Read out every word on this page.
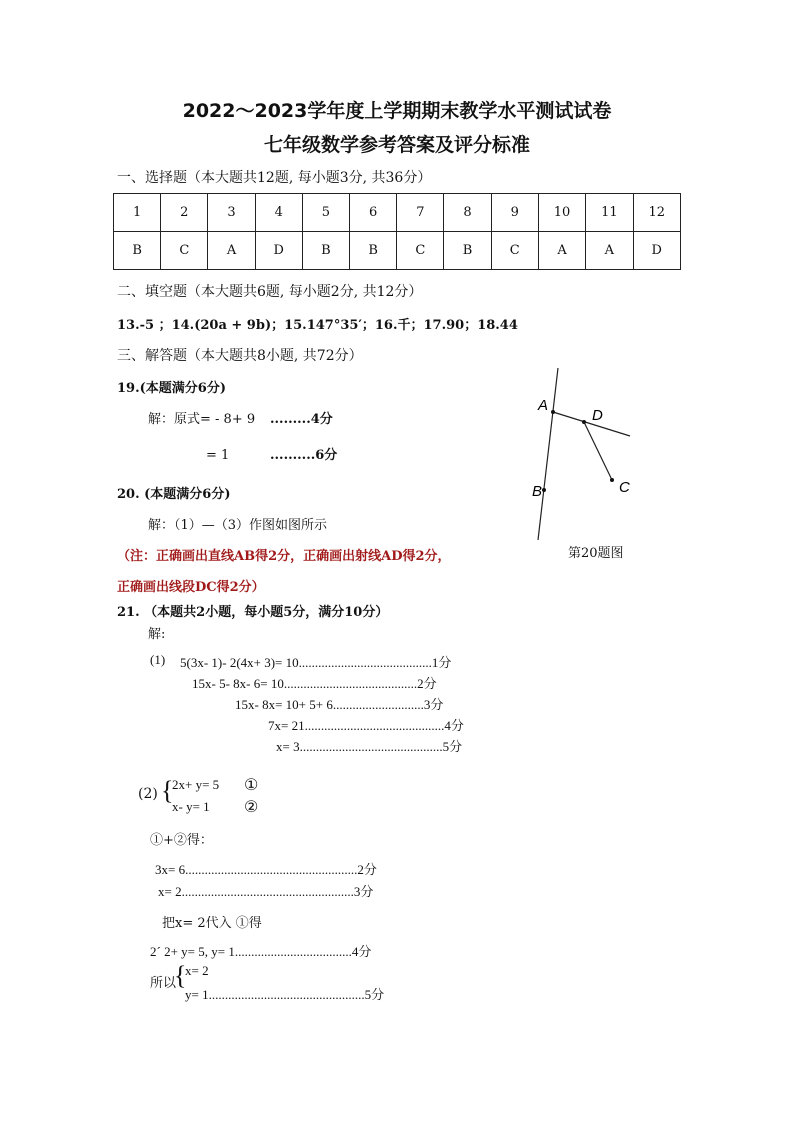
2022～2023学年度上学期期末教学水平测试试卷
七年级数学参考答案及评分标准
一、选择题（本大题共12题, 每小题3分, 共36分）
1	2	3	4	5	6	7	8	9	10	11	12
B	C	A	D	B	B	C	B	C	A	A	D
二、填空题（本大题共6题, 每小题2分, 共12分）
13.-5 ；14.(20a + 9b)；15.147°35′；16.千；17.90；18.44
三、解答题（本大题共8小题, 共72分）
19.(本题满分6分)
解：原式= - 8+ 9 .........4分
= 1	..........6分
A
D
C
B
第20题图
20. (本题满分6分)
解：（1）—（3）作图如图所示
（注：正确画出直线AB得2分，正确画出射线AD得2分，
正确画出线段DC得2分）
21. （本题共2小题，每小题5分，满分10分）
解:
(1) 5(3x- 1)- 2(4x+ 3)= 10.........................................1分
15x- 5- 8x- 6= 10.........................................2分
15x- 8x= 10+ 5+ 6............................3分
7x= 21...........................................4分
x= 3............................................5分
(2) {
2x+ y= 5 ①
x- y= 1 ②
①+②得：
3x= 6.....................................................2分
x= 2.....................................................3分
把x= 2代入 ①得
2´ 2+ y= 5, y= 1....................................4分
所以
{
x= 2
y= 1................................................5分
